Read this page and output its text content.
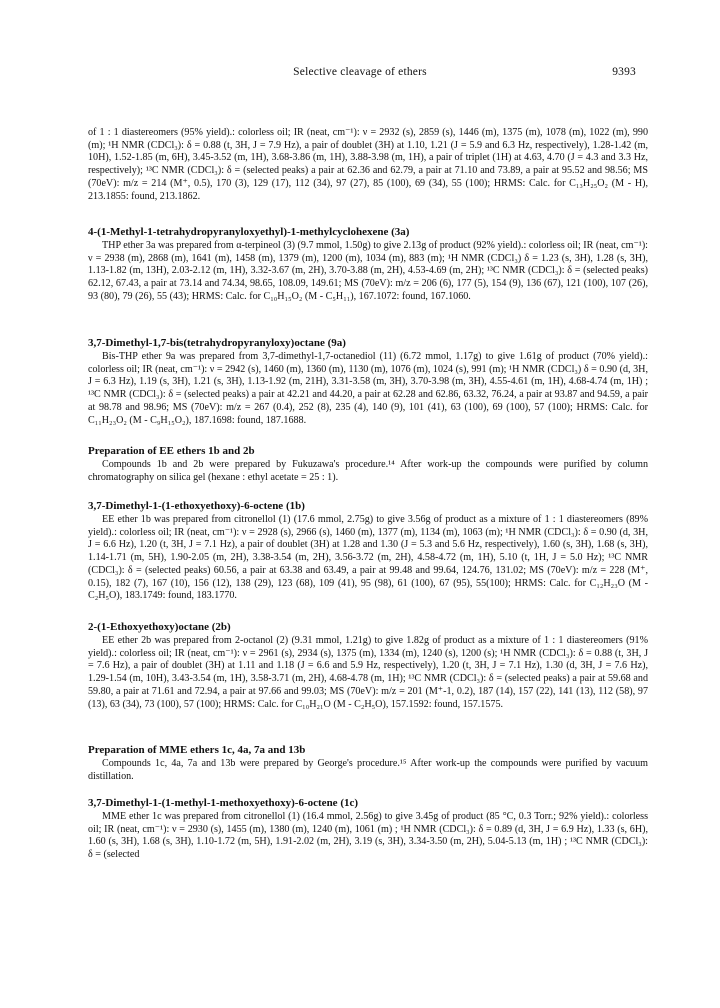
Selective cleavage of ethers	9393

of 1 : 1 diastereomers (95% yield).: colorless oil; IR (neat, cm⁻¹): ν = 2932 (s), 2859 (s), 1446 (m), 1375 (m), 1078 (m), 1022 (m), 990 (m); ¹H NMR (CDCl₃): δ = 0.88 (t, 3H, J = 7.9 Hz), a pair of doublet (3H) at 1.10, 1.21 (J = 5.9 and 6.3 Hz, respectively), 1.28-1.42 (m, 10H), 1.52-1.85 (m, 6H), 3.45-3.52 (m, 1H), 3.68-3.86 (m, 1H), 3.88-3.98 (m, 1H), a pair of triplet (1H) at 4.63, 4.70 (J = 4.3 and 3.3 Hz, respectively); ¹³C NMR (CDCl₃): δ = (selected peaks) a pair at 62.36 and 62.79, a pair at 71.10 and 73.89, a pair at 95.52 and 98.56; MS (70eV): m/z = 214 (M⁺, 0.5), 170 (3), 129 (17), 112 (34), 97 (27), 85 (100), 69 (34), 55 (100); HRMS: Calc. for C₁₃H₂₅O₂ (M - H), 213.1855: found, 213.1862.

4-(1-Methyl-1-tetrahydropyranyloxyethyl)-1-methylcyclohexene (3a)

THP ether 3a was prepared from α-terpineol (3) (9.7 mmol, 1.50g) to give 2.13g of product (92% yield).: colorless oil; IR (neat, cm⁻¹): ν = 2938 (m), 2868 (m), 1641 (m), 1458 (m), 1379 (m), 1200 (m), 1034 (m), 883 (m); ¹H NMR (CDCl₃) δ = 1.23 (s, 3H), 1.28 (s, 3H), 1.13-1.82 (m, 13H), 2.03-2.12 (m, 1H), 3.32-3.67 (m, 2H), 3.70-3.88 (m, 2H), 4.53-4.69 (m, 2H); ¹³C NMR (CDCl₃): δ = (selected peaks) 62.12, 67.43, a pair at 73.14 and 74.34, 98.65, 108.09, 149.61; MS (70eV): m/z = 206 (6), 177 (5), 154 (9), 136 (67), 121 (100), 107 (26), 93 (80), 79 (26), 55 (43); HRMS: Calc. for C₁₀H₁₅O₂ (M - C₅H₁₁), 167.1072: found, 167.1060.

3,7-Dimethyl-1,7-bis(tetrahydropyranyloxy)octane (9a)

Bis-THP ether 9a was prepared from 3,7-dimethyl-1,7-octanediol (11) (6.72 mmol, 1.17g) to give 1.61g of product (70% yield).: colorless oil; IR (neat, cm⁻¹): ν = 2942 (s), 1460 (m), 1360 (m), 1130 (m), 1076 (m), 1024 (s), 991 (m); ¹H NMR (CDCl₃) δ = 0.90 (d, 3H, J = 6.3 Hz), 1.19 (s, 3H), 1.21 (s, 3H), 1.13-1.92 (m, 21H), 3.31-3.58 (m, 3H), 3.70-3.98 (m, 3H), 4.55-4.61 (m, 1H), 4.68-4.74 (m, 1H) ; ¹³C NMR (CDCl₃): δ = (selected peaks) a pair at 42.21 and 44.20, a pair at 62.28 and 62.86, 63.32, 76.24, a pair at 93.87 and 94.59, a pair at 98.78 and 98.96; MS (70eV): m/z = 267 (0.4), 252 (8), 235 (4), 140 (9), 101 (41), 63 (100), 69 (100), 57 (100); HRMS: Calc. for C₁₁H₂₃O₂ (M - C₉H₁₅O₂), 187.1698: found, 187.1688.

Preparation of EE ethers 1b and 2b

Compounds 1b and 2b were prepared by Fukuzawa's procedure.¹⁴ After work-up the compounds were purified by column chromatography on silica gel (hexane : ethyl acetate = 25 : 1).

3,7-Dimethyl-1-(1-ethoxyethoxy)-6-octene (1b)

EE ether 1b was prepared from citronellol (1) (17.6 mmol, 2.75g) to give 3.56g of product as a mixture of 1 : 1 diastereomers (89% yield).: colorless oil; IR (neat, cm⁻¹): ν = 2928 (s), 2966 (s), 1460 (m), 1377 (m), 1134 (m), 1063 (m); ¹H NMR (CDCl₃): δ = 0.90 (d, 3H, J = 6.6 Hz), 1.20 (t, 3H, J = 7.1 Hz), a pair of doublet (3H) at 1.28 and 1.30 (J = 5.3 and 5.6 Hz, respectively), 1.60 (s, 3H), 1.68 (s, 3H), 1.14-1.71 (m, 5H), 1.90-2.05 (m, 2H), 3.38-3.54 (m, 2H), 3.56-3.72 (m, 2H), 4.58-4.72 (m, 1H), 5.10 (t, 1H, J = 5.0 Hz); ¹³C NMR (CDCl₃): δ = (selected peaks) 60.56, a pair at 63.38 and 63.49, a pair at 99.48 and 99.64, 124.76, 131.02; MS (70eV): m/z = 228 (M⁺, 0.15), 182 (7), 167 (10), 156 (12), 138 (29), 123 (68), 109 (41), 95 (98), 61 (100), 67 (95), 55(100); HRMS: Calc. for C₁₂H₂₃O (M - C₂H₅O), 183.1749: found, 183.1770.

2-(1-Ethoxyethoxy)octane (2b)

EE ether 2b was prepared from 2-octanol (2) (9.31 mmol, 1.21g) to give 1.82g of product as a mixture of 1 : 1 diastereomers (91% yield).: colorless oil; IR (neat, cm⁻¹): ν = 2961 (s), 2934 (s), 1375 (m), 1334 (m), 1240 (s), 1200 (s); ¹H NMR (CDCl₃): δ = 0.88 (t, 3H, J = 7.6 Hz), a pair of doublet (3H) at 1.11 and 1.18 (J = 6.6 and 5.9 Hz, respectively), 1.20 (t, 3H, J = 7.1 Hz), 1.30 (d, 3H, J = 7.6 Hz), 1.29-1.54 (m, 10H), 3.43-3.54 (m, 1H), 3.58-3.71 (m, 2H), 4.68-4.78 (m, 1H); ¹³C NMR (CDCl₃): δ = (selected peaks) a pair at 59.68 and 59.80, a pair at 71.61 and 72.94, a pair at 97.66 and 99.03; MS (70eV): m/z = 201 (M⁺-1, 0.2), 187 (14), 157 (22), 141 (13), 112 (58), 97 (13), 63 (34), 73 (100), 57 (100); HRMS: Calc. for C₁₀H₂₁O (M - C₂H₅O), 157.1592: found, 157.1575.

Preparation of MME ethers 1c, 4a, 7a and 13b

Compounds 1c, 4a, 7a and 13b were prepared by George's procedure.¹⁵ After work-up the compounds were purified by vacuum distillation.

3,7-Dimethyl-1-(1-methyl-1-methoxyethoxy)-6-octene (1c)

MME ether 1c was prepared from citronellol (1) (16.4 mmol, 2.56g) to give 3.45g of product (85 °C, 0.3 Torr.; 92% yield).: colorless oil; IR (neat, cm⁻¹): ν = 2930 (s), 1455 (m), 1380 (m), 1240 (m), 1061 (m) ; ¹H NMR (CDCl₃): δ = 0.89 (d, 3H, J = 6.9 Hz), 1.33 (s, 6H), 1.60 (s, 3H), 1.68 (s, 3H), 1.10-1.72 (m, 5H), 1.91-2.02 (m, 2H), 3.19 (s, 3H), 3.34-3.50 (m, 2H), 5.04-5.13 (m, 1H) ; ¹³C NMR (CDCl₃): δ = (selected
